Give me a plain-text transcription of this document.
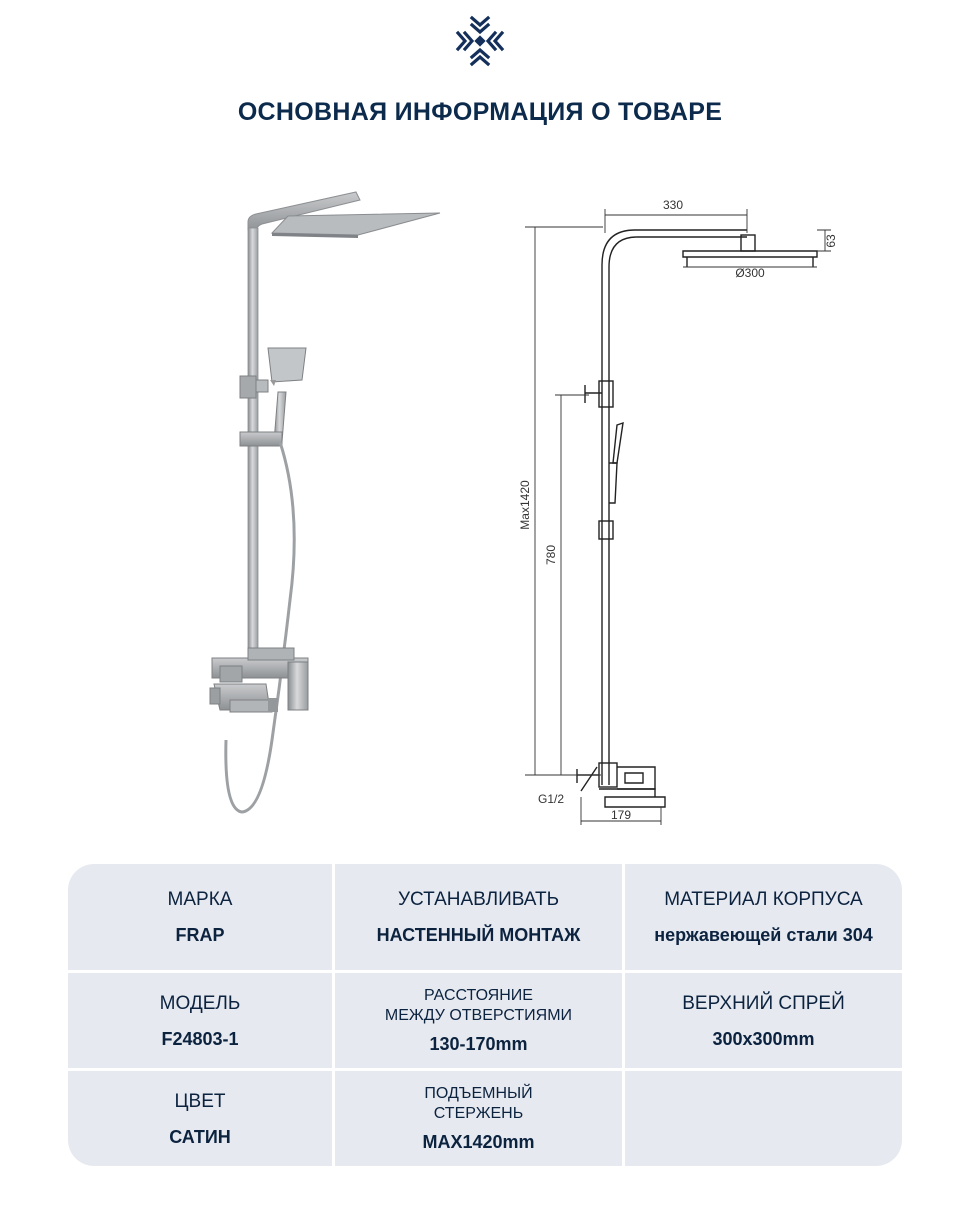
ОСНОВНАЯ ИНФОРМАЦИЯ О ТОВАРЕ
330
63
Ø300
Max1420
780
G1/2
179
МАРКА
FRAP
УСТАНАВЛИВАТЬ
НАСТЕННЫЙ МОНТАЖ
МАТЕРИАЛ КОРПУСА
нержавеющей стали 304
МОДЕЛЬ
F24803-1
РАССТОЯНИЕ
МЕЖДУ ОТВЕРСТИЯМИ
130-170mm
ВЕРХНИЙ СПРЕЙ
300x300mm
ЦВЕТ
САТИН
ПОДЪЕМНЫЙ
СТЕРЖЕНЬ
MAX1420mm
